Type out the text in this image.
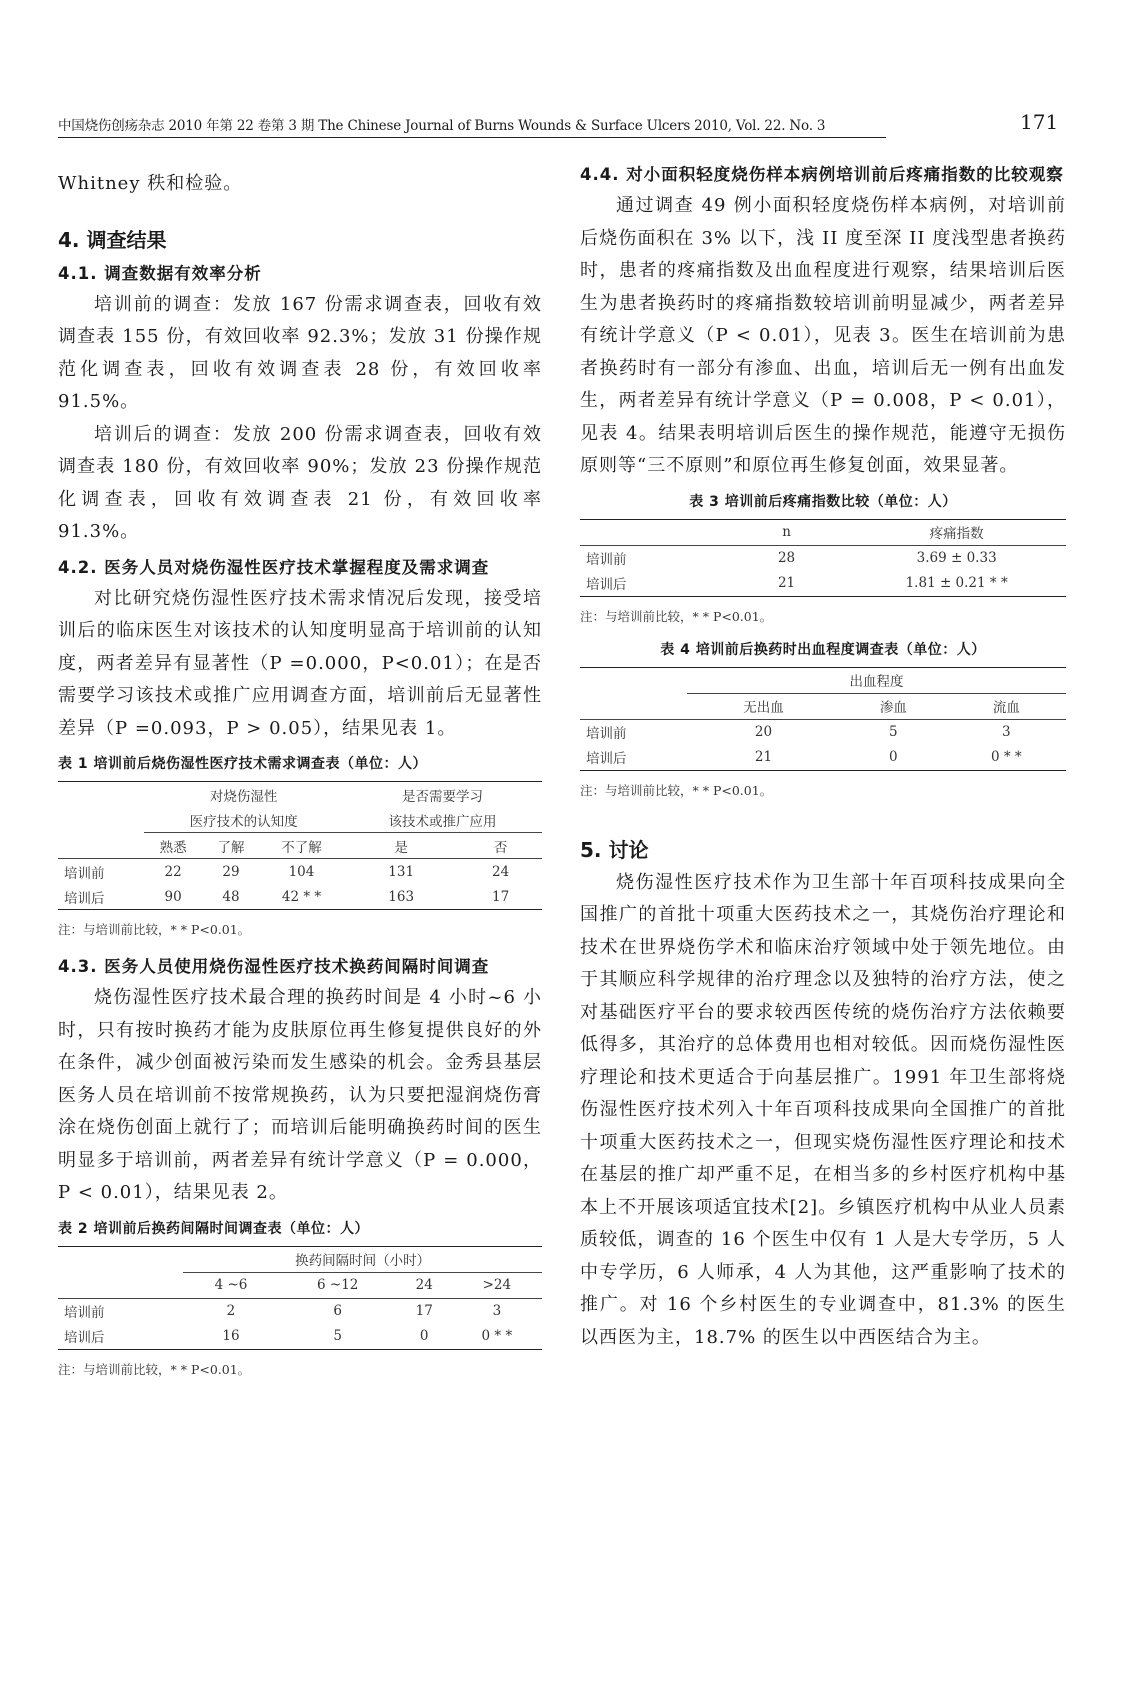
中国烧伤创疡杂志 2010 年第 22 卷第 3 期 The Chinese Journal of Burns Wounds & Surface Ulcers 2010, Vol. 22. No. 3	171

Whitney 秩和检验。

4. 调查结果
4.1. 调查数据有效率分析

培训前的调查：发放 167 份需求调查表，回收有效调查表 155 份，有效回收率 92.3%；发放 31 份操作规范化调查表，回收有效调查表 28 份，有效回收率 91.5%。

培训后的调查：发放 200 份需求调查表，回收有效调查表 180 份，有效回收率 90%；发放 23 份操作规范化调查表，回收有效调查表 21 份，有效回收率 91.3%。

4.2. 医务人员对烧伤湿性医疗技术掌握程度及需求调查

对比研究烧伤湿性医疗技术需求情况后发现，接受培训后的临床医生对该技术的认知度明显高于培训前的认知度，两者差异有显著性（P =0.000，P<0.01）；在是否需要学习该技术或推广应用调查方面，培训前后无显著性差异（P =0.093，P > 0.05），结果见表 1。

表 1 培训前后烧伤湿性医疗技术需求调查表（单位：人）
	对烧伤湿性			是否需要学习	
	医疗技术的认知度			该技术或推广应用	
	熟悉	了解	不了解	是	否
培训前	22	29	104	131	24
培训后	90	48	42 * *	163	17
注：与培训前比较，* * P<0.01。
4.3. 医务人员使用烧伤湿性医疗技术换药间隔时间调查

烧伤湿性医疗技术最合理的换药时间是 4 小时~6 小时，只有按时换药才能为皮肤原位再生修复提供良好的外在条件，减少创面被污染而发生感染的机会。金秀县基层医务人员在培训前不按常规换药，认为只要把湿润烧伤膏涂在烧伤创面上就行了；而培训后能明确换药时间的医生明显多于培训前，两者差异有统计学意义（P = 0.000，P < 0.01），结果见表 2。

表 2 培训前后换药间隔时间调查表（单位：人）
	换药间隔时间（小时）			
	4 ~6	6 ~12	24	>24
培训前	2	6	17	3
培训后	16	5	0	0 * *
注：与培训前比较，* * P<0.01。
4.4. 对小面积轻度烧伤样本病例培训前后疼痛指数的比较观察

通过调查 49 例小面积轻度烧伤样本病例，对培训前后烧伤面积在 3% 以下，浅 II 度至深 II 度浅型患者换药时，患者的疼痛指数及出血程度进行观察，结果培训后医生为患者换药时的疼痛指数较培训前明显减少，两者差异有统计学意义（P < 0.01），见表 3。医生在培训前为患者换药时有一部分有渗血、出血，培训后无一例有出血发生，两者差异有统计学意义（P = 0.008，P < 0.01），见表 4。结果表明培训后医生的操作规范，能遵守无损伤原则等“三不原则”和原位再生修复创面，效果显著。

表 3 培训前后疼痛指数比较（单位：人）
	n	疼痛指数
培训前	28	3.69 ± 0.33
培训后	21	1.81 ± 0.21 * *
注：与培训前比较，* * P<0.01。
表 4 培训前后换药时出血程度调查表（单位：人）
	出血程度		
	无出血	渗血	流血
培训前	20	5	3
培训后	21	0	0 * *
注：与培训前比较，* * P<0.01。
5. 讨论

烧伤湿性医疗技术作为卫生部十年百项科技成果向全国推广的首批十项重大医药技术之一，其烧伤治疗理论和技术在世界烧伤学术和临床治疗领域中处于领先地位。由于其顺应科学规律的治疗理念以及独特的治疗方法，使之对基础医疗平台的要求较西医传统的烧伤治疗方法依赖要低得多，其治疗的总体费用也相对较低。因而烧伤湿性医疗理论和技术更适合于向基层推广。1991 年卫生部将烧伤湿性医疗技术列入十年百项科技成果向全国推广的首批十项重大医药技术之一，但现实烧伤湿性医疗理论和技术在基层的推广却严重不足，在相当多的乡村医疗机构中基本上不开展该项适宜技术[2]。乡镇医疗机构中从业人员素质较低，调查的 16 个医生中仅有 1 人是大专学历，5 人中专学历，6 人师承，4 人为其他，这严重影响了技术的推广。对 16 个乡村医生的专业调查中，81.3% 的医生以西医为主，18.7% 的医生以中西医结合为主。
